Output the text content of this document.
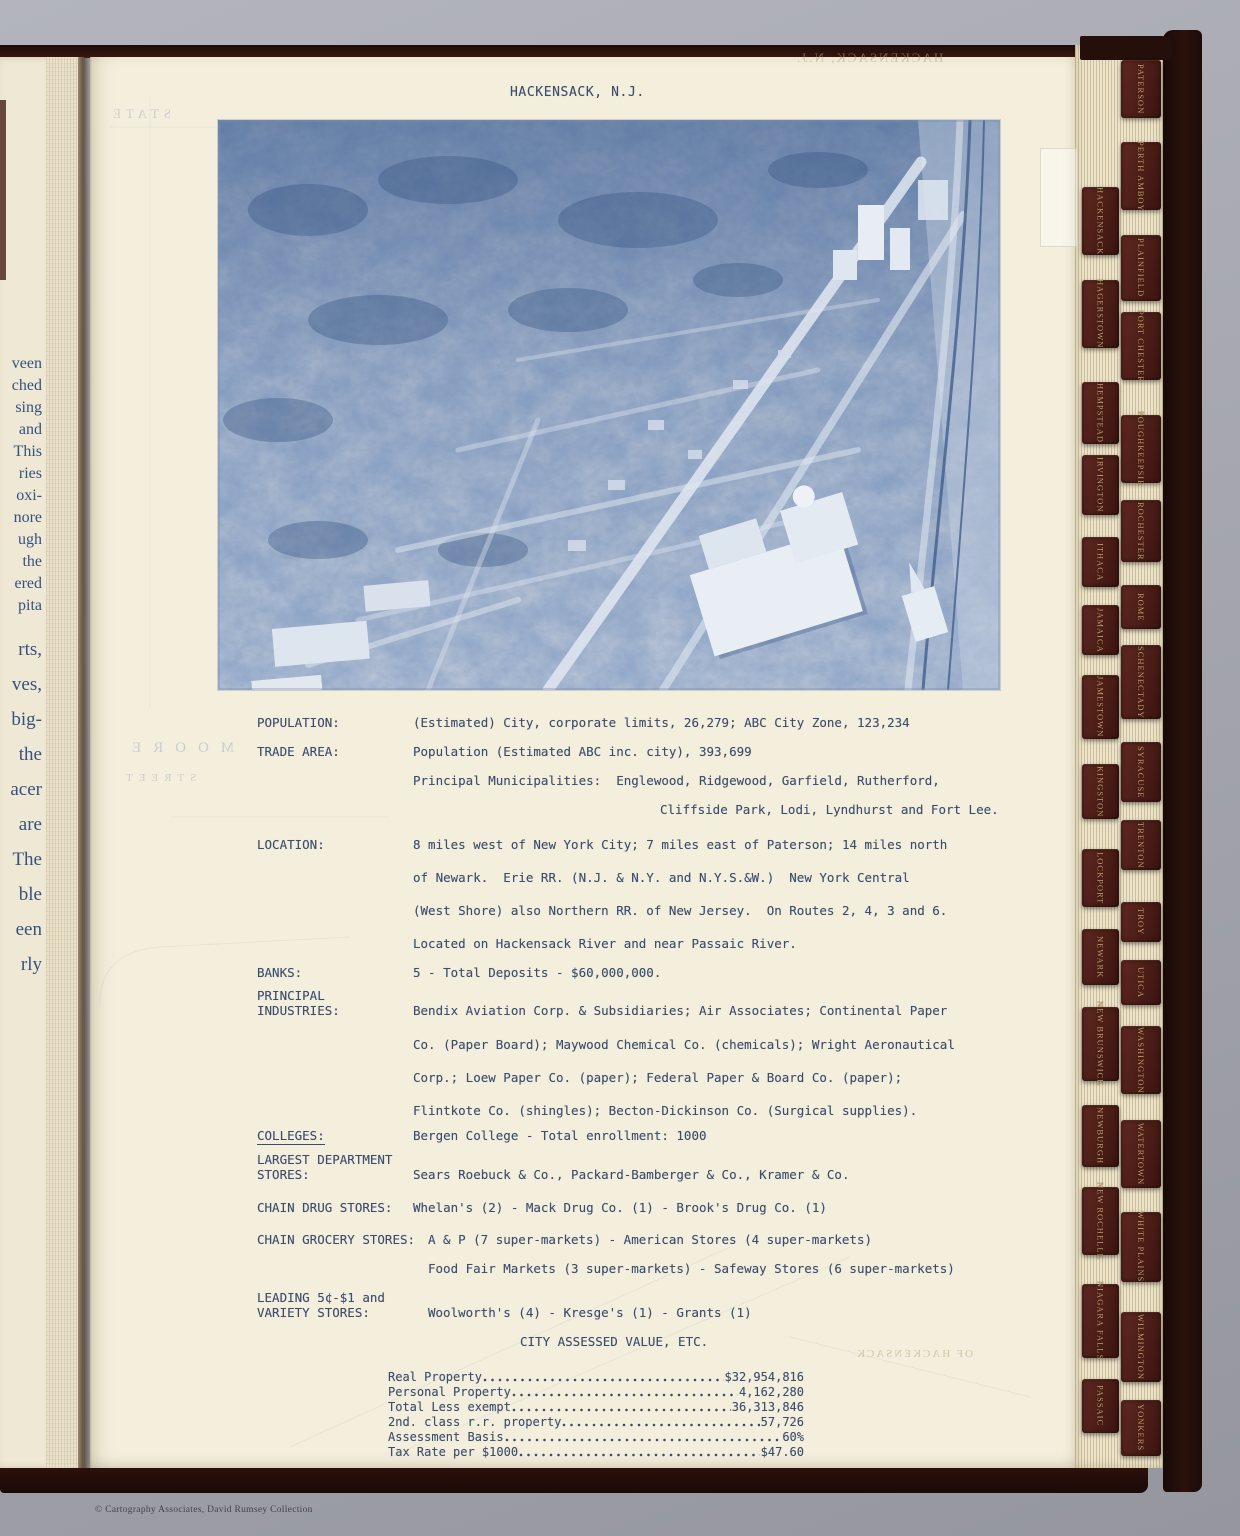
HACKENSACK, N.J.
POPULATION:	(Estimated) City, corporate limits, 26,279; ABC City Zone, 123,234
TRADE AREA:	Population (Estimated ABC inc. city), 393,699
Principal Municipalities:  Englewood, Ridgewood, Garfield, Rutherford,
Cliffside Park, Lodi, Lyndhurst and Fort Lee.
LOCATION:	8 miles west of New York City; 7 miles east of Paterson; 14 miles north
of Newark.  Erie RR. (N.J. & N.Y. and N.Y.S.&W.)  New York Central
(West Shore) also Northern RR. of New Jersey.  On Routes 2, 4, 3 and 6.
Located on Hackensack River and near Passaic River.
BANKS:	5 - Total Deposits - $60,000,000.
PRINCIPAL
INDUSTRIES:	Bendix Aviation Corp. & Subsidiaries; Air Associates; Continental Paper
Co. (Paper Board); Maywood Chemical Co. (chemicals); Wright Aeronautical
Corp.; Loew Paper Co. (paper); Federal Paper & Board Co. (paper);
Flintkote Co. (shingles); Becton-Dickinson Co. (Surgical supplies).
COLLEGES:	Bergen College - Total enrollment: 1000
LARGEST DEPARTMENT
STORES:	Sears Roebuck & Co., Packard-Bamberger & Co., Kramer & Co.
CHAIN DRUG STORES: Whelan's (2) - Mack Drug Co. (1) - Brook's Drug Co. (1)
CHAIN GROCERY STORES: A & P (7 super-markets) - American Stores (4 super-markets)
Food Fair Markets (3 super-markets) - Safeway Stores (6 super-markets)
LEADING 5¢-$1 and
VARIETY STORES:	Woolworth's (4) - Kresge's (1) - Grants (1)
CITY ASSESSED VALUE, ETC.
Real Property	$32,954,816
Personal Property	4,162,280
Total Less exempt	36,313,846
2nd. class r.r. property	57,726
Assessment Basis	60%
Tax Rate per $1000	$47.60
veen
ched
sing
and
This
ries
oxi-
nore
ugh
the
ered
pita
rts,
ves,
big-
the
acer
are
The
ble
een
rly
HACKENSACK, N.J.
STATE
MOORE
STREET
OF HACKENSACK
HACKENSACK
HAGERSTOWN
HEMPSTEAD
IRVINGTON
ITHACA
JAMAICA
JAMESTOWN
KINGSTON
LOCKPORT
NEWARK
NEW BRUNSWICK
NEWBURGH
NEW ROCHELLE
NIAGARA FALLS
PASSAIC
PATERSON
PERTH AMBOY
PLAINFIELD
PORT CHESTER
POUGHKEEPSIE
ROCHESTER
ROME
SCHENECTADY
SYRACUSE
TRENTON
TROY
UTICA
WASHINGTON
WATERTOWN
WHITE PLAINS
WILMINGTON
YONKERS
© Cartography Associates, David Rumsey Collection
